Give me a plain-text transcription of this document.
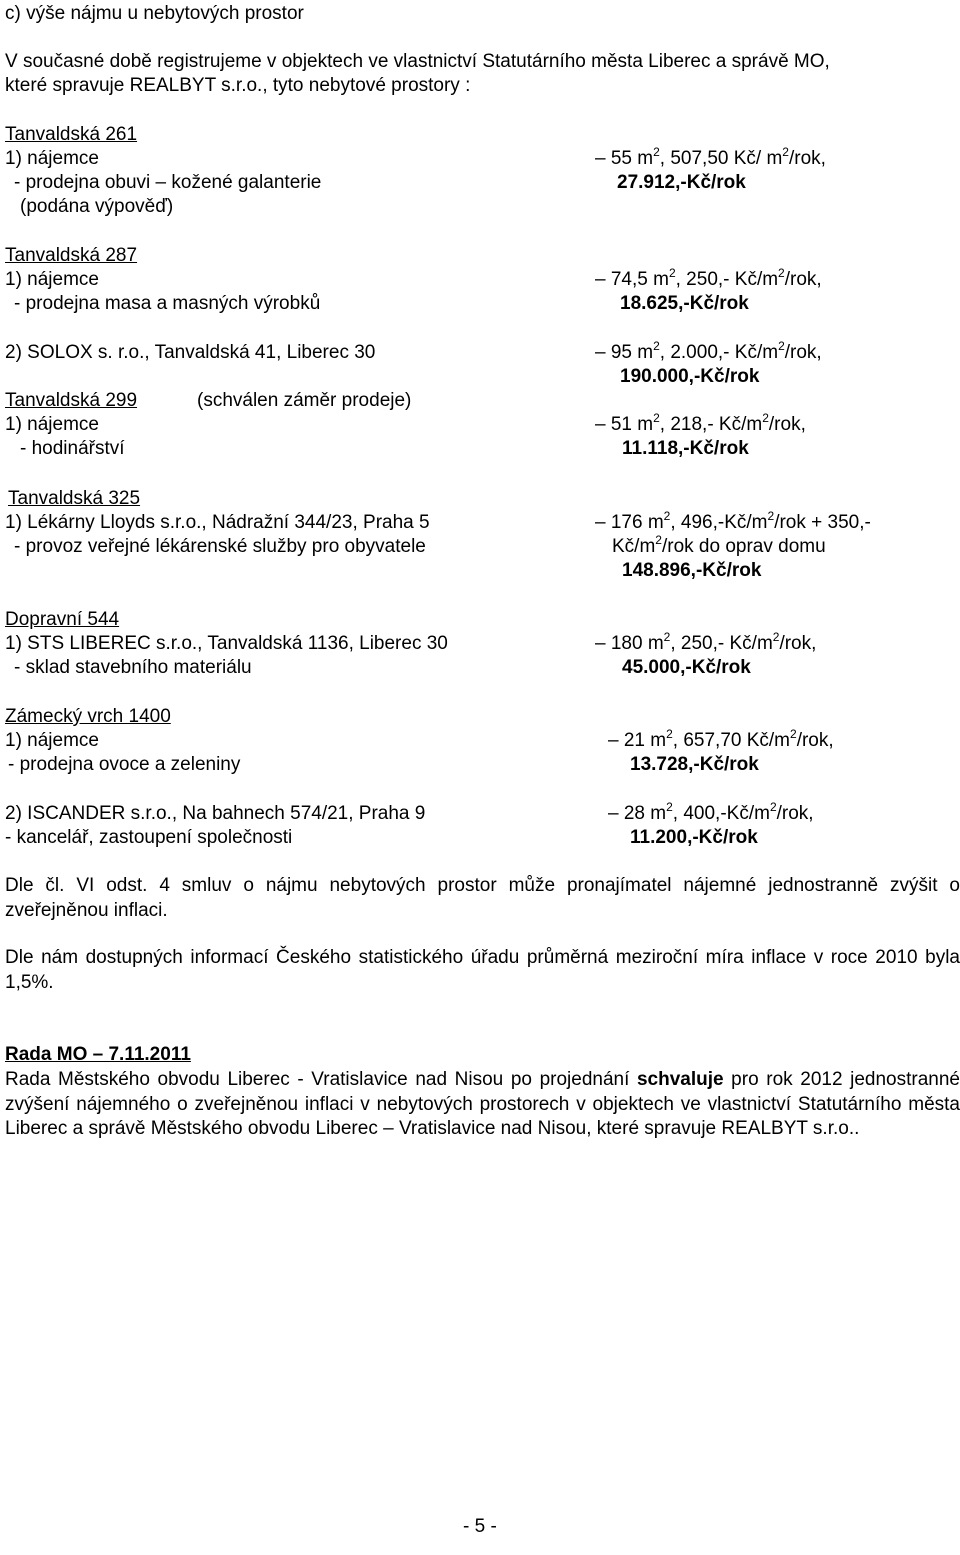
c) výše nájmu u nebytových prostor
V současné době registrujeme v objektech ve vlastnictví Statutárního města Liberec a správě MO,
které spravuje REALBYT s.r.o., tyto nebytové prostory :
Tanvaldská 261
1) nájemce
- prodejna obuvi – kožené galanterie
(podána výpověď)
– 55 $m^2$, 507,50 Kč/ $m^2$/rok,
27.912,-Kč/rok
Tanvaldská 287
1) nájemce
- prodejna masa a masných výrobků
– 74,5 $m^2$, 250,- $Kč/m^2$/rok,
18.625,-Kč/rok
2) SOLOX s. r.o., Tanvaldská 41, Liberec 30	– 95 $m^2$, 2.000,- $Kč/m^2$/rok,
190.000,-Kč/rok
Tanvaldská 299	(schválen záměr prodeje)
1) nájemce
- hodinářství
– 51 $m^2$, 218,- $Kč/m^2$/rok,
11.118,-Kč/rok
Tanvaldská 325
1) Lékárny Lloyds s.r.o., Nádražní 344/23, Praha 5
- provoz veřejné lékárenské služby pro obyvatele
– 176 $m^2$, $496,-Kč/m^2$/rok + 350,-
$Kč/m^2$/rok do oprav domu
148.896,-Kč/rok
Dopravní 544
1) STS LIBEREC s.r.o., Tanvaldská 1136, Liberec 30
- sklad stavebního materiálu
– 180 $m^2$, 250,- $Kč/m^2$/rok,
45.000,-Kč/rok
Zámecký vrch 1400
1) nájemce
- prodejna ovoce a zeleniny
– 21 $m^2$, 657,70 $Kč/m^2$/rok,
13.728,-Kč/rok
2) ISCANDER s.r.o., Na bahnech 574/21, Praha 9
- kancelář, zastoupení společnosti
– 28 $m^2$, $400,-Kč/m^2$/rok,
11.200,-Kč/rok
Dle čl. VI odst. 4 smluv o nájmu nebytových prostor může pronajímatel nájemné jednostranně zvýšit o zveřejněnou inflaci.
Dle nám dostupných informací Českého statistického úřadu průměrná meziroční míra inflace v roce 2010 byla 1,5%.
Rada MO – 7.11.2011
Rada Městského obvodu Liberec - Vratislavice nad Nisou po projednání schvaluje pro rok 2012 jednostranné zvýšení nájemného o zveřejněnou inflaci v nebytových prostorech v objektech ve vlastnictví Statutárního města Liberec a správě Městského obvodu Liberec – Vratislavice nad Nisou, které spravuje REALBYT s.r.o..
- 5 -
